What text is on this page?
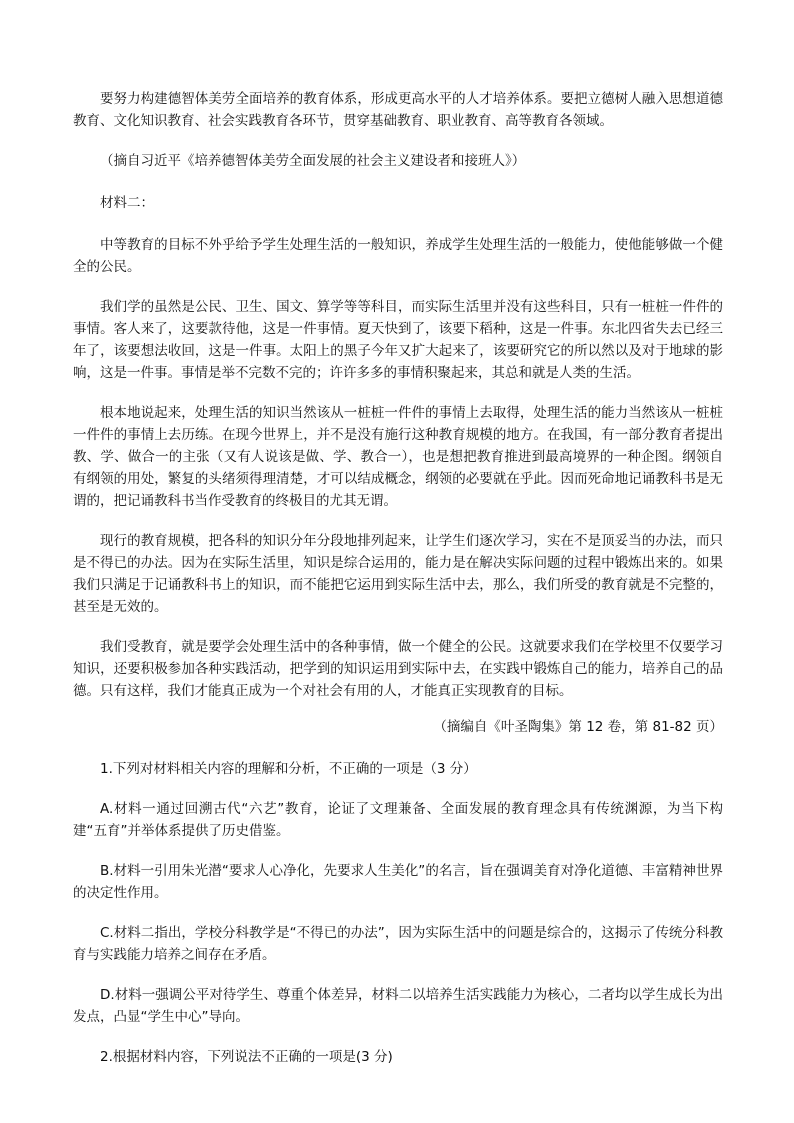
要努力构建德智体美劳全面培养的教育体系，形成更高水平的人才培养体系。要把立德树人融入思想道德教育、文化知识教育、社会实践教育各环节，贯穿基础教育、职业教育、高等教育各领域。

（摘自习近平《培养德智体美劳全面发展的社会主义建设者和接班人》）

材料二：

中等教育的目标不外乎给予学生处理生活的一般知识，养成学生处理生活的一般能力，使他能够做一个健全的公民。

我们学的虽然是公民、卫生、国文、算学等等科目，而实际生活里并没有这些科目，只有一桩桩一件件的事情。客人来了，这要款待他，这是一件事情。夏天快到了，该要下稻种，这是一件事。东北四省失去已经三年了，该要想法收回，这是一件事。太阳上的黑子今年又扩大起来了，该要研究它的所以然以及对于地球的影响，这是一件事。事情是举不完数不完的；许许多多的事情积聚起来，其总和就是人类的生活。

根本地说起来，处理生活的知识当然该从一桩桩一件件的事情上去取得，处理生活的能力当然该从一桩桩一件件的事情上去历练。在现今世界上，并不是没有施行这种教育规模的地方。在我国，有一部分教育者提出教、学、做合一的主张（又有人说该是做、学、教合一），也是想把教育推进到最高境界的一种企图。纲领自有纲领的用处，繁复的头绪须得理清楚，才可以结成概念，纲领的必要就在乎此。因而死命地记诵教科书是无谓的，把记诵教科书当作受教育的终极目的尤其无谓。

现行的教育规模，把各科的知识分年分段地排列起来，让学生们逐次学习，实在不是顶妥当的办法，而只是不得已的办法。因为在实际生活里，知识是综合运用的，能力是在解决实际问题的过程中锻炼出来的。如果我们只满足于记诵教科书上的知识，而不能把它运用到实际生活中去，那么，我们所受的教育就是不完整的，甚至是无效的。

我们受教育，就是要学会处理生活中的各种事情，做一个健全的公民。这就要求我们在学校里不仅要学习知识，还要积极参加各种实践活动，把学到的知识运用到实际中去，在实践中锻炼自己的能力，培养自己的品德。只有这样，我们才能真正成为一个对社会有用的人，才能真正实现教育的目标。

（摘编自《叶圣陶集》第 12 卷，第 81-82 页）

1.下列对材料相关内容的理解和分析，不正确的一项是（3 分）

A.材料一通过回溯古代“六艺”教育，论证了文理兼备、全面发展的教育理念具有传统渊源，为当下构建“五育”并举体系提供了历史借鉴。

B.材料一引用朱光潜“要求人心净化，先要求人生美化”的名言，旨在强调美育对净化道德、丰富精神世界的决定性作用。

C.材料二指出，学校分科教学是“不得已的办法”，因为实际生活中的问题是综合的，这揭示了传统分科教育与实践能力培养之间存在矛盾。

D.材料一强调公平对待学生、尊重个体差异，材料二以培养生活实践能力为核心，二者均以学生成长为出发点，凸显“学生中心”导向。

2.根据材料内容，下列说法不正确的一项是(3 分)
